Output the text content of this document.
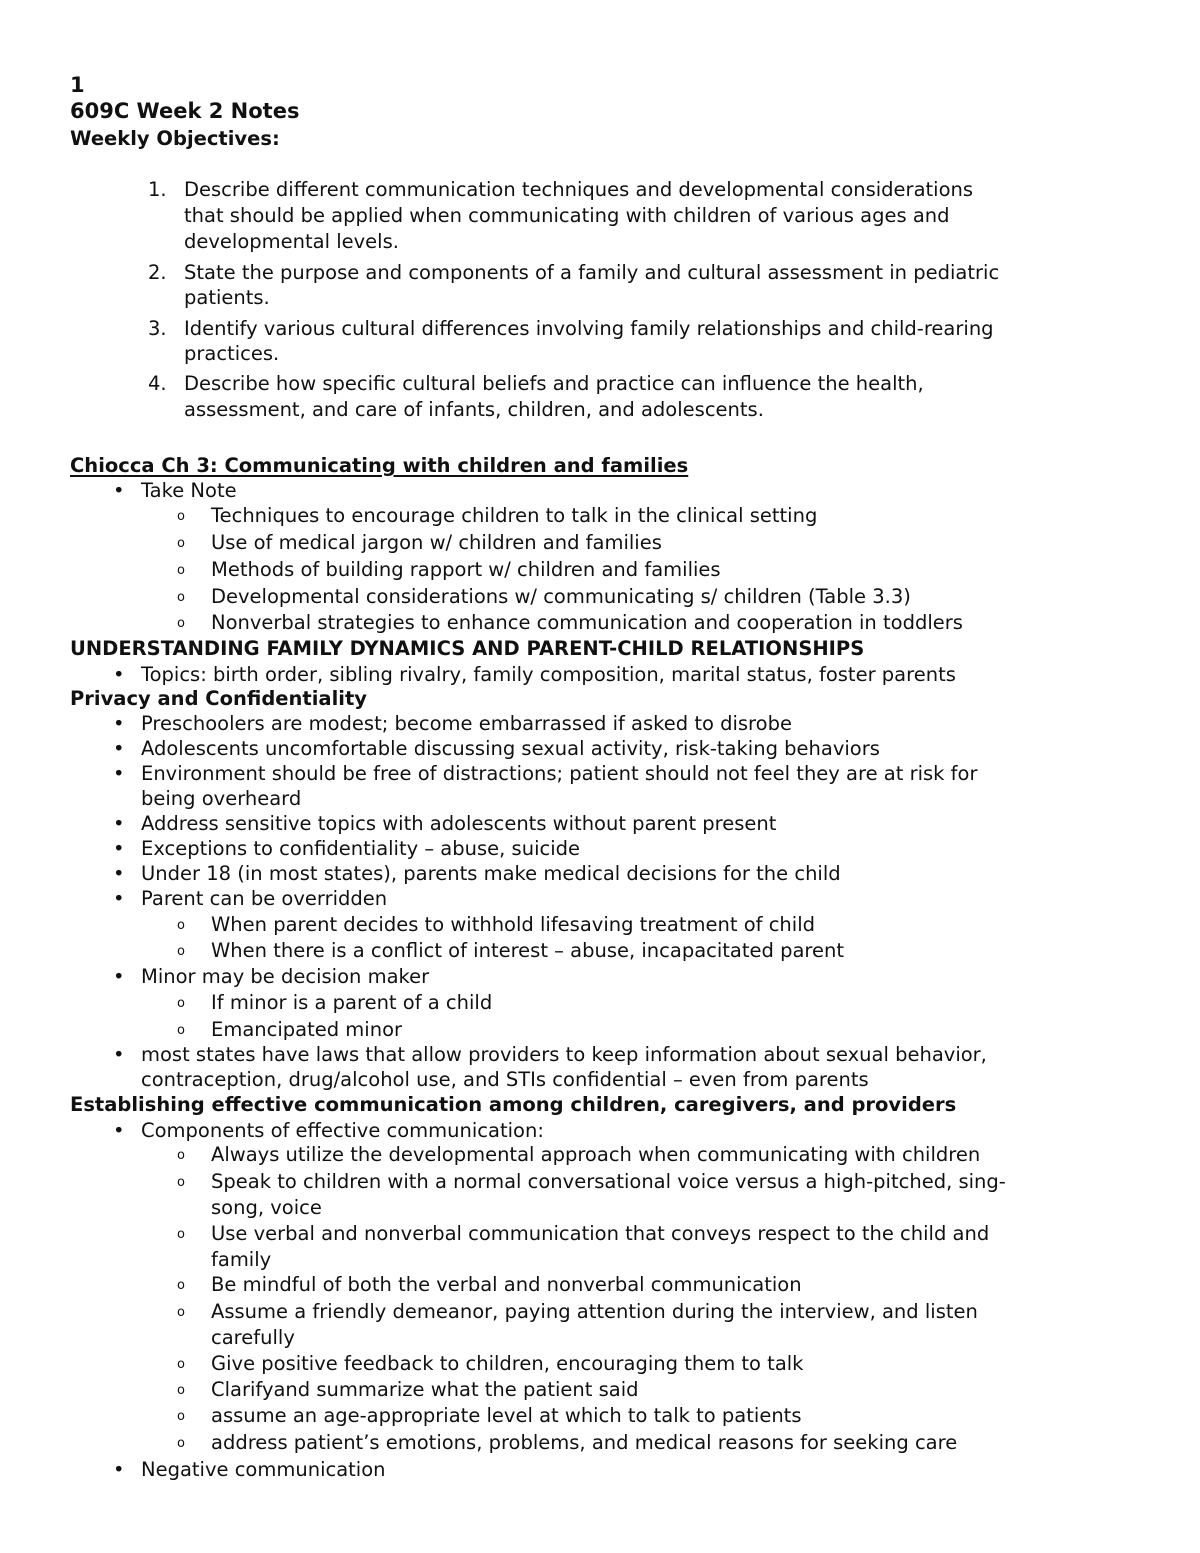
1
609C Week 2 Notes
Weekly Objectives:
1. Describe different communication techniques and developmental considerations
that should be applied when communicating with children of various ages and
developmental levels.
2. State the purpose and components of a family and cultural assessment in pediatric
patients.
3. Identify various cultural differences involving family relationships and child-rearing
practices.
4. Describe how specific cultural beliefs and practice can influence the health,
assessment, and care of infants, children, and adolescents.
Chiocca Ch 3: Communicating with children and families
•
Take Note
o Techniques to encourage children to talk in the clinical setting
o Use of medical jargon w/ children and families
o Methods of building rapport w/ children and families
o Developmental considerations w/ communicating s/ children (Table 3.3)
o Nonverbal strategies to enhance communication and cooperation in toddlers
UNDERSTANDING FAMILY DYNAMICS AND PARENT-CHILD RELATIONSHIPS
•
Topics: birth order, sibling rivalry, family composition, marital status, foster parents
Privacy and Confidentiality
•
Preschoolers are modest; become embarrassed if asked to disrobe
•
Adolescents uncomfortable discussing sexual activity, risk-taking behaviors
•
Environment should be free of distractions; patient should not feel they are at risk for
being overheard
•
Address sensitive topics with adolescents without parent present
•
Exceptions to confidentiality – abuse, suicide
•
Under 18 (in most states), parents make medical decisions for the child
•
Parent can be overridden
o When parent decides to withhold lifesaving treatment of child
o When there is a conflict of interest – abuse, incapacitated parent
•
Minor may be decision maker
o If minor is a parent of a child
o Emancipated minor
•
most states have laws that allow providers to keep information about sexual behavior,
contraception, drug/alcohol use, and STIs confidential – even from parents
Establishing effective communication among children, caregivers, and providers
•
Components of effective communication:
o Always utilize the developmental approach when communicating with children
o Speak to children with a normal conversational voice versus a high-pitched, sing-
song, voice
o Use verbal and nonverbal communication that conveys respect to the child and
family
o Be mindful of both the verbal and nonverbal communication
o Assume a friendly demeanor, paying attention during the interview, and listen
carefully
o Give positive feedback to children, encouraging them to talk
o Clarifyand summarize what the patient said
o assume an age-appropriate level at which to talk to patients
o address patient’s emotions, problems, and medical reasons for seeking care
•
Negative communication
